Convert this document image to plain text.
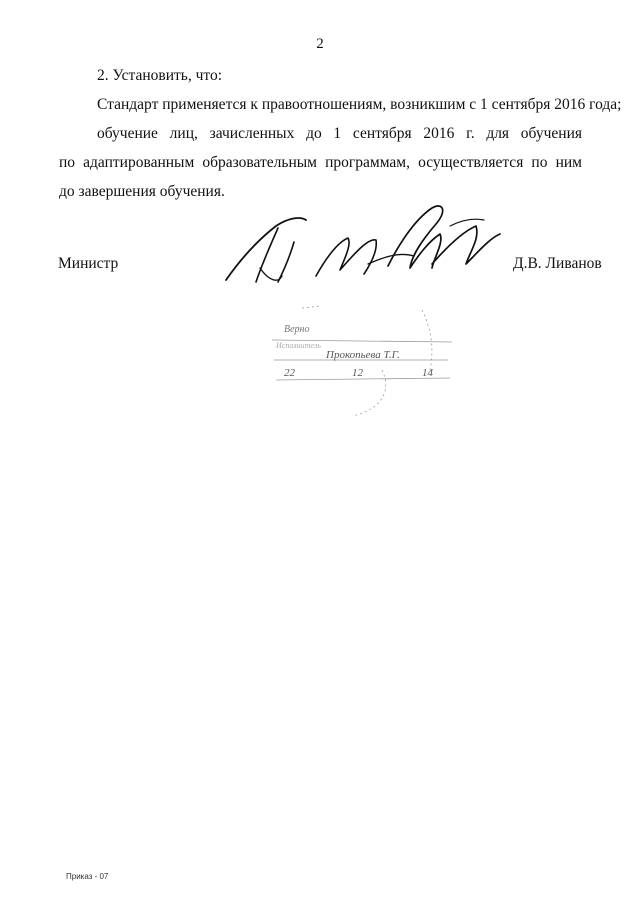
2
2. Установить, что:
Стандарт применяется к правоотношениям, возникшим с 1 сентября 2016 года;
обучение лиц, зачисленных до 1 сентября 2016 г. для обучения
по адаптированным образовательным программам, осуществляется по ним
до завершения обучения.
Министр	Д.В. Ливанов
Верно
Исполнитель
Прокопьева Т.Г.
22	12	14
Приказ - 07
